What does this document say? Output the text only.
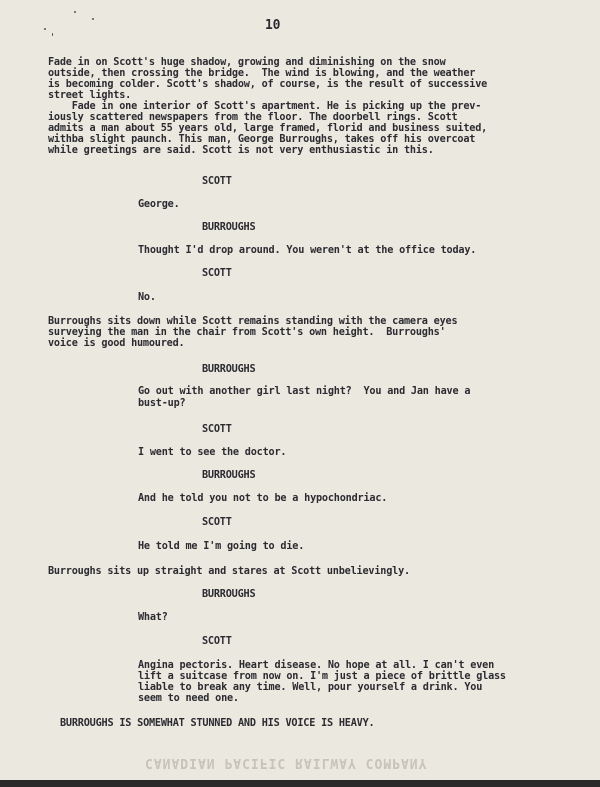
10
Fade in on Scott's huge shadow, growing and diminishing on the snow
outside, then crossing the bridge.  The wind is blowing, and the weather
is becoming colder. Scott's shadow, of course, is the result of successive
street lights.
Fade in one interior of Scott's apartment. He is picking up the prev-
iously scattered newspapers from the floor. The doorbell rings. Scott
admits a man about 55 years old, large framed, florid and business suited,
withba slight paunch. This man, George Burroughs, takes off his overcoat
while greetings are said. Scott is not very enthusiastic in this.
SCOTT
George.
BURROUGHS
Thought I'd drop around. You weren't at the office today.
SCOTT
No.
Burroughs sits down while Scott remains standing with the camera eyes
surveying the man in the chair from Scott's own height.  Burroughs'
voice is good humoured.
BURROUGHS
Go out with another girl last night?  You and Jan have a
bust-up?
SCOTT
I went to see the doctor.
BURROUGHS
And he told you not to be a hypochondriac.
SCOTT
He told me I'm going to die.
Burroughs sits up straight and stares at Scott unbelievingly.
BURROUGHS
What?
SCOTT
Angina pectoris. Heart disease. No hope at all. I can't even
lift a suitcase from now on. I'm just a piece of brittle glass
liable to break any time. Well, pour yourself a drink. You
seem to need one.
BURROUGHS IS SOMEWHAT STUNNED AND HIS VOICE IS HEAVY.
CANADIAN PACIFIC RAILWAY COMPANY
